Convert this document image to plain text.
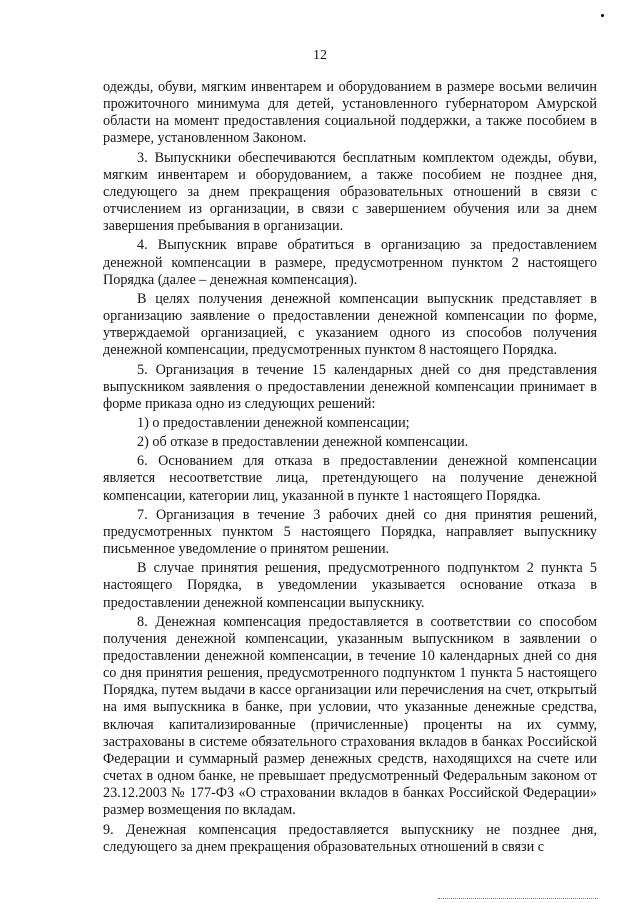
12

одежды, обуви, мягким инвентарем и оборудованием в размере восьми величин прожиточного минимума для детей, установленного губернатором Амурской области на момент предоставления социальной поддержки, а также пособием в размере, установленном Законом.

3. Выпускники обеспечиваются бесплатным комплектом одежды, обуви, мягким инвентарем и оборудованием, а также пособием не позднее дня, следующего за днем прекращения образовательных отношений в связи с отчислением из организации, в связи с завершением обучения или за днем завершения пребывания в организации.

4. Выпускник вправе обратиться в организацию за предоставлением денежной компенсации в размере, предусмотренном пунктом 2 настоящего Порядка (далее – денежная компенсация).

В целях получения денежной компенсации выпускник представляет в организацию заявление о предоставлении денежной компенсации по форме, утверждаемой организацией, с указанием одного из способов получения денежной компенсации, предусмотренных пунктом 8 настоящего Порядка.

5. Организация в течение 15 календарных дней со дня представления выпускником заявления о предоставлении денежной компенсации принимает в форме приказа одно из следующих решений:

1) о предоставлении денежной компенсации;

2) об отказе в предоставлении денежной компенсации.

6. Основанием для отказа в предоставлении денежной компенсации является несоответствие лица, претендующего на получение денежной компенсации, категории лиц, указанной в пункте 1 настоящего Порядка.

7. Организация в течение 3 рабочих дней со дня принятия решений, предусмотренных пунктом 5 настоящего Порядка, направляет выпускнику письменное уведомление о принятом решении.

В случае принятия решения, предусмотренного подпунктом 2 пункта 5 настоящего Порядка, в уведомлении указывается основание отказа в предоставлении денежной компенсации выпускнику.

8. Денежная компенсация предоставляется в соответствии со способом получения денежной компенсации, указанным выпускником в заявлении о предоставлении денежной компенсации, в течение 10 календарных дней со дня со дня принятия решения, предусмотренного подпунктом 1 пункта 5 настоящего Порядка, путем выдачи в кассе организации или перечисления на счет, открытый на имя выпускника в банке, при условии, что указанные денежные средства, включая капитализированные (причисленные) проценты на их сумму, застрахованы в системе обязательного страхования вкладов в банках Российской Федерации и суммарный размер денежных средств, находящихся на счете или счетах в одном банке, не превышает предусмотренный Федеральным законом от 23.12.2003 № 177-ФЗ «О страховании вкладов в банках Российской Федерации» размер возмещения по вкладам.

9. Денежная компенсация предоставляется выпускнику не позднее дня, следующего за днем прекращения образовательных отношений в связи с
